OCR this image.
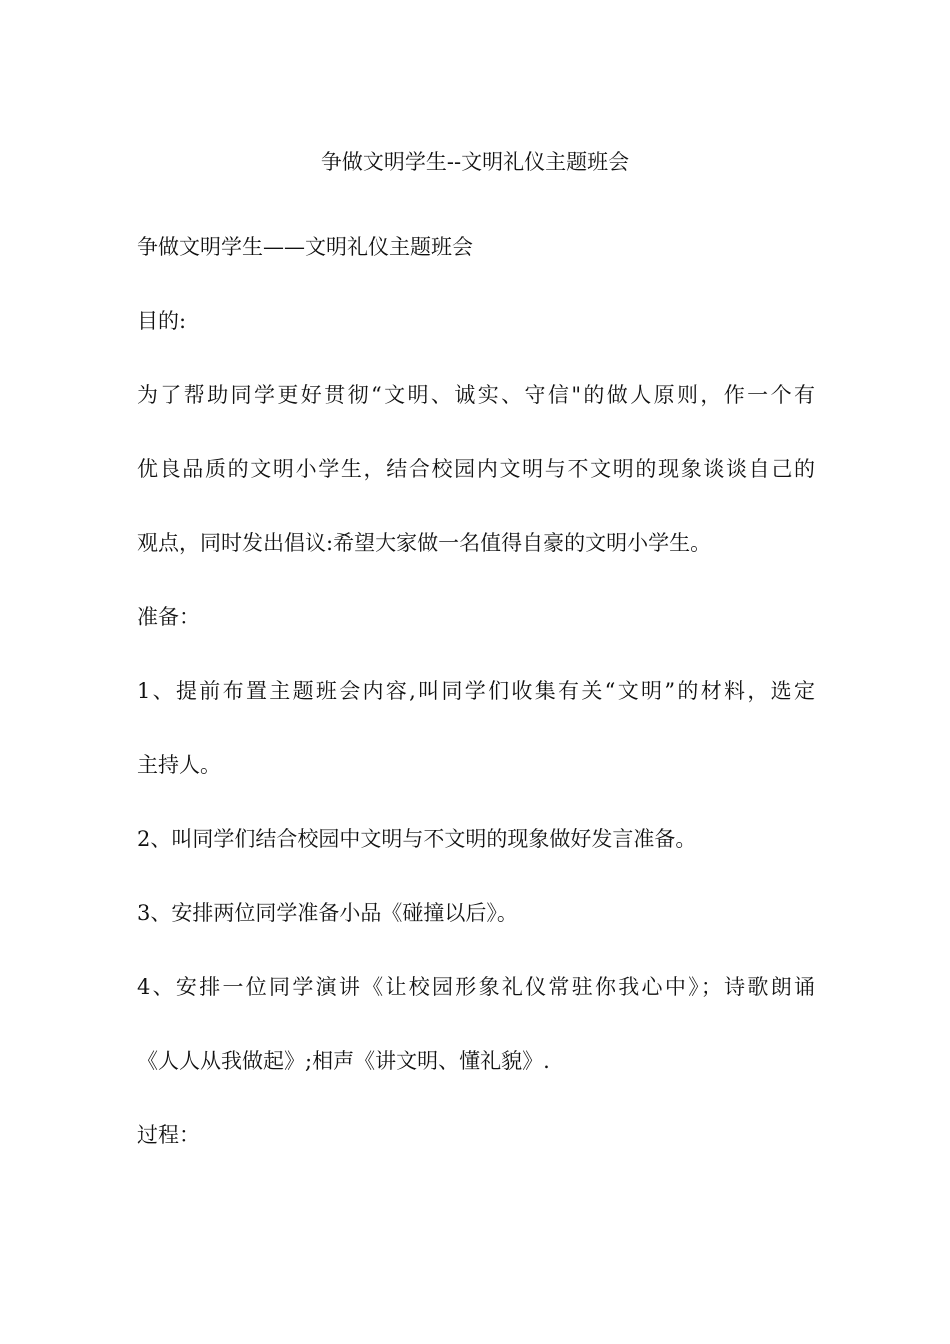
争做文明学生--文明礼仪主题班会

争做文明学生——文明礼仪主题班会

目的:

为了帮助同学更好贯彻“文明、诚实、守信"的做人原则，作一个有

优良品质的文明小学生，结合校园内文明与不文明的现象谈谈自己的

观点，同时发出倡议:希望大家做一名值得自豪的文明小学生。

准备：

1、提前布置主题班会内容,叫同学们收集有关“文明”的材料，选定

主持人。

2、叫同学们结合校园中文明与不文明的现象做好发言准备。

3、安排两位同学准备小品《碰撞以后》。

4、安排一位同学演讲《让校园形象礼仪常驻你我心中》；诗歌朗诵

《人人从我做起》;相声《讲文明、懂礼貌》.

过程：
